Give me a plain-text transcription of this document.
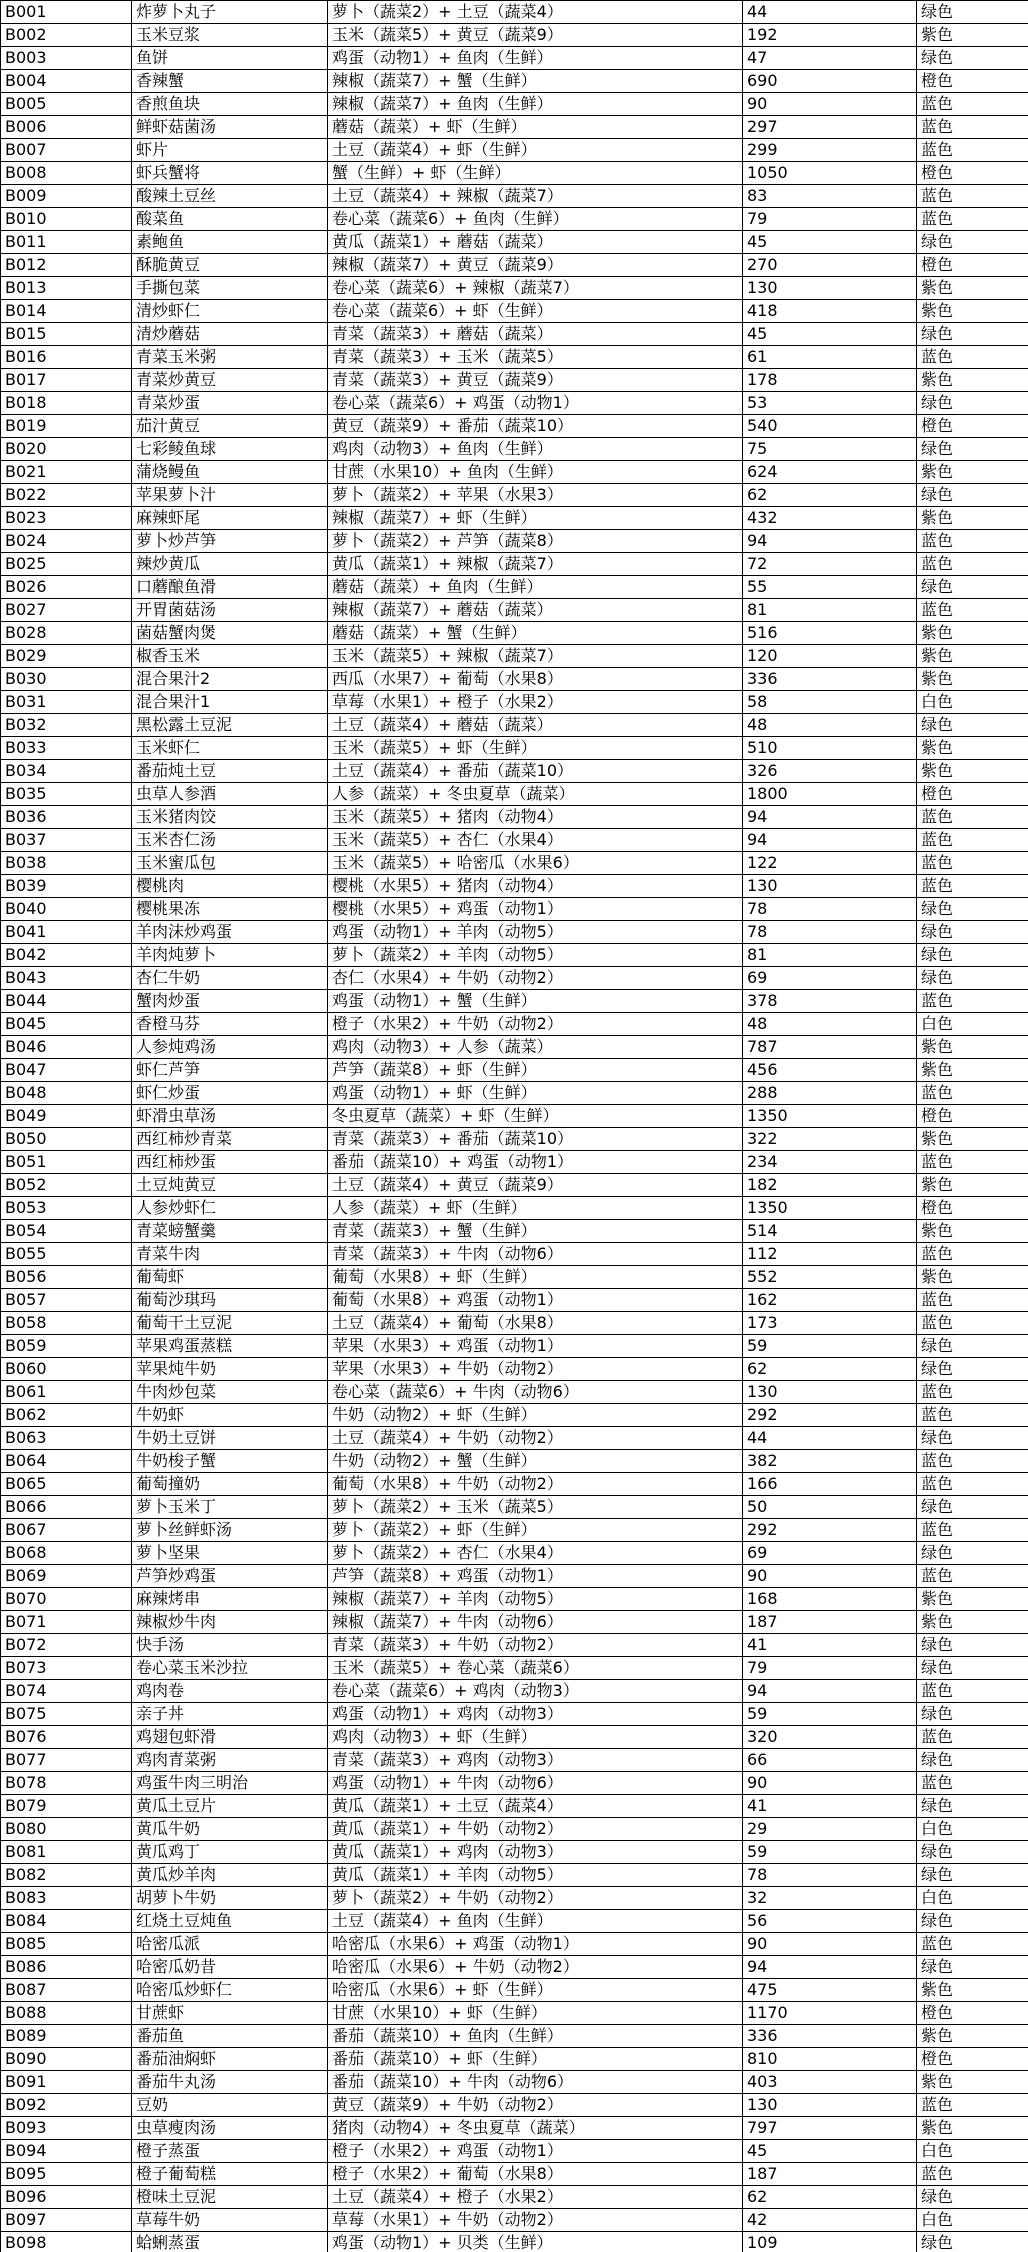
B001	炸萝卜丸子	萝卜（蔬菜2）+ 土豆（蔬菜4）	44	绿色
B002	玉米豆浆	玉米（蔬菜5）+ 黄豆（蔬菜9）	192	紫色
B003	鱼饼	鸡蛋（动物1）+ 鱼肉（生鲜）	47	绿色
B004	香辣蟹	辣椒（蔬菜7）+ 蟹（生鲜）	690	橙色
B005	香煎鱼块	辣椒（蔬菜7）+ 鱼肉（生鲜）	90	蓝色
B006	鲜虾菇菌汤	蘑菇（蔬菜）+ 虾（生鲜）	297	蓝色
B007	虾片	土豆（蔬菜4）+ 虾（生鲜）	299	蓝色
B008	虾兵蟹将	蟹（生鲜）+ 虾（生鲜）	1050	橙色
B009	酸辣土豆丝	土豆（蔬菜4）+ 辣椒（蔬菜7）	83	蓝色
B010	酸菜鱼	卷心菜（蔬菜6）+ 鱼肉（生鲜）	79	蓝色
B011	素鲍鱼	黄瓜（蔬菜1）+ 蘑菇（蔬菜）	45	绿色
B012	酥脆黄豆	辣椒（蔬菜7）+ 黄豆（蔬菜9）	270	橙色
B013	手撕包菜	卷心菜（蔬菜6）+ 辣椒（蔬菜7）	130	紫色
B014	清炒虾仁	卷心菜（蔬菜6）+ 虾（生鲜）	418	紫色
B015	清炒蘑菇	青菜（蔬菜3）+ 蘑菇（蔬菜）	45	绿色
B016	青菜玉米粥	青菜（蔬菜3）+ 玉米（蔬菜5）	61	蓝色
B017	青菜炒黄豆	青菜（蔬菜3）+ 黄豆（蔬菜9）	178	紫色
B018	青菜炒蛋	卷心菜（蔬菜6）+ 鸡蛋（动物1）	53	绿色
B019	茄汁黄豆	黄豆（蔬菜9）+ 番茄（蔬菜10）	540	橙色
B020	七彩鲮鱼球	鸡肉（动物3）+ 鱼肉（生鲜）	75	绿色
B021	蒲烧鳗鱼	甘蔗（水果10）+ 鱼肉（生鲜）	624	紫色
B022	苹果萝卜汁	萝卜（蔬菜2）+ 苹果（水果3）	62	绿色
B023	麻辣虾尾	辣椒（蔬菜7）+ 虾（生鲜）	432	紫色
B024	萝卜炒芦笋	萝卜（蔬菜2）+ 芦笋（蔬菜8）	94	蓝色
B025	辣炒黄瓜	黄瓜（蔬菜1）+ 辣椒（蔬菜7）	72	蓝色
B026	口蘑酿鱼滑	蘑菇（蔬菜）+ 鱼肉（生鲜）	55	绿色
B027	开胃菌菇汤	辣椒（蔬菜7）+ 蘑菇（蔬菜）	81	蓝色
B028	菌菇蟹肉煲	蘑菇（蔬菜）+ 蟹（生鲜）	516	紫色
B029	椒香玉米	玉米（蔬菜5）+ 辣椒（蔬菜7）	120	紫色
B030	混合果汁2	西瓜（水果7）+ 葡萄（水果8）	336	紫色
B031	混合果汁1	草莓（水果1）+ 橙子（水果2）	58	白色
B032	黑松露土豆泥	土豆（蔬菜4）+ 蘑菇（蔬菜）	48	绿色
B033	玉米虾仁	玉米（蔬菜5）+ 虾（生鲜）	510	紫色
B034	番茄炖土豆	土豆（蔬菜4）+ 番茄（蔬菜10）	326	紫色
B035	虫草人参酒	人参（蔬菜）+ 冬虫夏草（蔬菜）	1800	橙色
B036	玉米猪肉饺	玉米（蔬菜5）+ 猪肉（动物4）	94	蓝色
B037	玉米杏仁汤	玉米（蔬菜5）+ 杏仁（水果4）	94	蓝色
B038	玉米蜜瓜包	玉米（蔬菜5）+ 哈密瓜（水果6）	122	蓝色
B039	樱桃肉	樱桃（水果5）+ 猪肉（动物4）	130	蓝色
B040	樱桃果冻	樱桃（水果5）+ 鸡蛋（动物1）	78	绿色
B041	羊肉沫炒鸡蛋	鸡蛋（动物1）+ 羊肉（动物5）	78	绿色
B042	羊肉炖萝卜	萝卜（蔬菜2）+ 羊肉（动物5）	81	绿色
B043	杏仁牛奶	杏仁（水果4）+ 牛奶（动物2）	69	绿色
B044	蟹肉炒蛋	鸡蛋（动物1）+ 蟹（生鲜）	378	蓝色
B045	香橙马芬	橙子（水果2）+ 牛奶（动物2）	48	白色
B046	人参炖鸡汤	鸡肉（动物3）+ 人参（蔬菜）	787	紫色
B047	虾仁芦笋	芦笋（蔬菜8）+ 虾（生鲜）	456	紫色
B048	虾仁炒蛋	鸡蛋（动物1）+ 虾（生鲜）	288	蓝色
B049	虾滑虫草汤	冬虫夏草（蔬菜）+ 虾（生鲜）	1350	橙色
B050	西红柿炒青菜	青菜（蔬菜3）+ 番茄（蔬菜10）	322	紫色
B051	西红柿炒蛋	番茄（蔬菜10）+ 鸡蛋（动物1）	234	蓝色
B052	土豆炖黄豆	土豆（蔬菜4）+ 黄豆（蔬菜9）	182	紫色
B053	人参炒虾仁	人参（蔬菜）+ 虾（生鲜）	1350	橙色
B054	青菜螃蟹羹	青菜（蔬菜3）+ 蟹（生鲜）	514	紫色
B055	青菜牛肉	青菜（蔬菜3）+ 牛肉（动物6）	112	蓝色
B056	葡萄虾	葡萄（水果8）+ 虾（生鲜）	552	紫色
B057	葡萄沙琪玛	葡萄（水果8）+ 鸡蛋（动物1）	162	蓝色
B058	葡萄干土豆泥	土豆（蔬菜4）+ 葡萄（水果8）	173	蓝色
B059	苹果鸡蛋蒸糕	苹果（水果3）+ 鸡蛋（动物1）	59	绿色
B060	苹果炖牛奶	苹果（水果3）+ 牛奶（动物2）	62	绿色
B061	牛肉炒包菜	卷心菜（蔬菜6）+ 牛肉（动物6）	130	蓝色
B062	牛奶虾	牛奶（动物2）+ 虾（生鲜）	292	蓝色
B063	牛奶土豆饼	土豆（蔬菜4）+ 牛奶（动物2）	44	绿色
B064	牛奶梭子蟹	牛奶（动物2）+ 蟹（生鲜）	382	蓝色
B065	葡萄撞奶	葡萄（水果8）+ 牛奶（动物2）	166	蓝色
B066	萝卜玉米丁	萝卜（蔬菜2）+ 玉米（蔬菜5）	50	绿色
B067	萝卜丝鲜虾汤	萝卜（蔬菜2）+ 虾（生鲜）	292	蓝色
B068	萝卜坚果	萝卜（蔬菜2）+ 杏仁（水果4）	69	绿色
B069	芦笋炒鸡蛋	芦笋（蔬菜8）+ 鸡蛋（动物1）	90	蓝色
B070	麻辣烤串	辣椒（蔬菜7）+ 羊肉（动物5）	168	紫色
B071	辣椒炒牛肉	辣椒（蔬菜7）+ 牛肉（动物6）	187	紫色
B072	快手汤	青菜（蔬菜3）+ 牛奶（动物2）	41	绿色
B073	卷心菜玉米沙拉	玉米（蔬菜5）+ 卷心菜（蔬菜6）	79	绿色
B074	鸡肉卷	卷心菜（蔬菜6）+ 鸡肉（动物3）	94	蓝色
B075	亲子丼	鸡蛋（动物1）+ 鸡肉（动物3）	59	绿色
B076	鸡翅包虾滑	鸡肉（动物3）+ 虾（生鲜）	320	蓝色
B077	鸡肉青菜粥	青菜（蔬菜3）+ 鸡肉（动物3）	66	绿色
B078	鸡蛋牛肉三明治	鸡蛋（动物1）+ 牛肉（动物6）	90	蓝色
B079	黄瓜土豆片	黄瓜（蔬菜1）+ 土豆（蔬菜4）	41	绿色
B080	黄瓜牛奶	黄瓜（蔬菜1）+ 牛奶（动物2）	29	白色
B081	黄瓜鸡丁	黄瓜（蔬菜1）+ 鸡肉（动物3）	59	绿色
B082	黄瓜炒羊肉	黄瓜（蔬菜1）+ 羊肉（动物5）	78	绿色
B083	胡萝卜牛奶	萝卜（蔬菜2）+ 牛奶（动物2）	32	白色
B084	红烧土豆炖鱼	土豆（蔬菜4）+ 鱼肉（生鲜）	56	绿色
B085	哈密瓜派	哈密瓜（水果6）+ 鸡蛋（动物1）	90	蓝色
B086	哈密瓜奶昔	哈密瓜（水果6）+ 牛奶（动物2）	94	绿色
B087	哈密瓜炒虾仁	哈密瓜（水果6）+ 虾（生鲜）	475	紫色
B088	甘蔗虾	甘蔗（水果10）+ 虾（生鲜）	1170	橙色
B089	番茄鱼	番茄（蔬菜10）+ 鱼肉（生鲜）	336	紫色
B090	番茄油焖虾	番茄（蔬菜10）+ 虾（生鲜）	810	橙色
B091	番茄牛丸汤	番茄（蔬菜10）+ 牛肉（动物6）	403	紫色
B092	豆奶	黄豆（蔬菜9）+ 牛奶（动物2）	130	蓝色
B093	虫草瘦肉汤	猪肉（动物4）+ 冬虫夏草（蔬菜）	797	紫色
B094	橙子蒸蛋	橙子（水果2）+ 鸡蛋（动物1）	45	白色
B095	橙子葡萄糕	橙子（水果2）+ 葡萄（水果8）	187	蓝色
B096	橙味土豆泥	土豆（蔬菜4）+ 橙子（水果2）	62	绿色
B097	草莓牛奶	草莓（水果1）+ 牛奶（动物2）	42	白色
B098	蛤蜊蒸蛋	鸡蛋（动物1）+ 贝类（生鲜）	109	绿色
